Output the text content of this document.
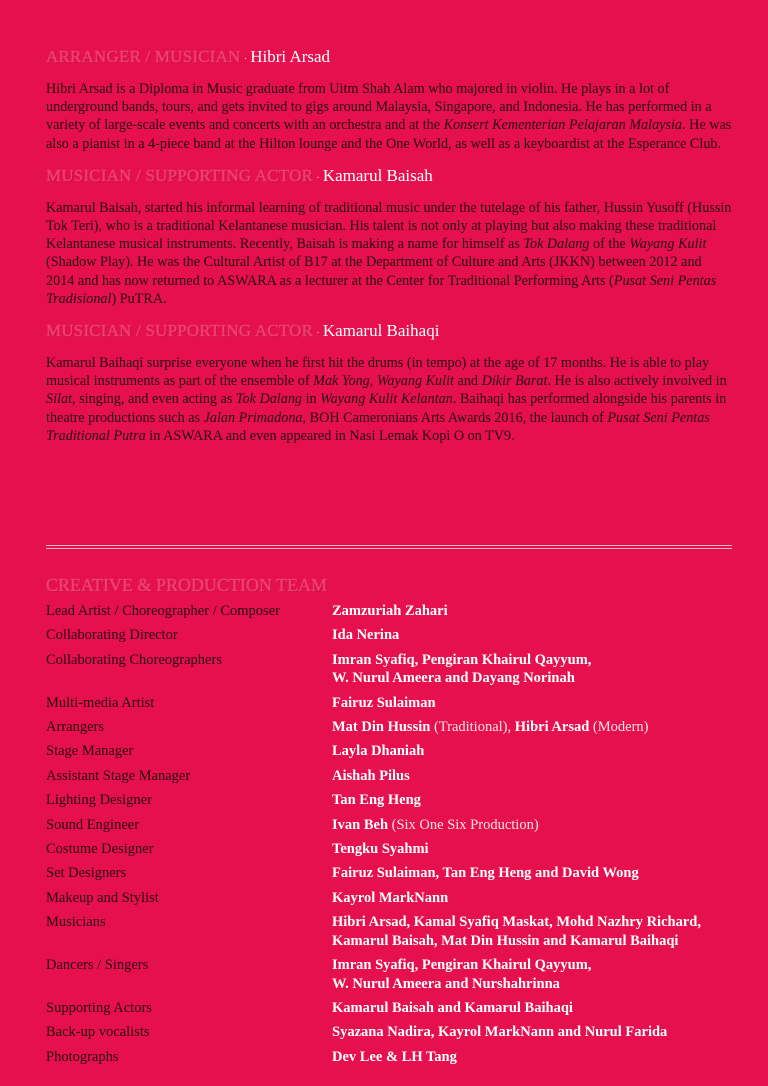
ARRANGER / MUSICIAN · Hibri Arsad

Hibri Arsad is a Diploma in Music graduate from Uitm Shah Alam who majored in violin. He plays in a lot of underground bands, tours, and gets invited to gigs around Malaysia, Singapore, and Indonesia. He has performed in a variety of large-scale events and concerts with an orchestra and at the Konsert Kementerian Pelajaran Malaysia. He was also a pianist in a 4-piece band at the Hilton lounge and the One World, as well as a keyboardist at the Esperance Club.

MUSICIAN / SUPPORTING ACTOR · Kamarul Baisah

Kamarul Baisah, started his informal learning of traditional music under the tutelage of his father, Hussin Yusoff (Hussin Tok Teri), who is a traditional Kelantanese musician. His talent is not only at playing but also making these traditional Kelantanese musical instruments. Recently, Baisah is making a name for himself as Tok Dalang of the Wayang Kulit (Shadow Play). He was the Cultural Artist of B17 at the Department of Culture and Arts (JKKN) between 2012 and 2014 and has now returned to ASWARA as a lecturer at the Center for Traditional Performing Arts (Pusat Seni Pentas Tradisional) PuTRA.

MUSICIAN / SUPPORTING ACTOR · Kamarul Baihaqi

Kamarul Baihaqi surprise everyone when he first hit the drums (in tempo) at the age of 17 months. He is able to play musical instruments as part of the ensemble of Mak Yong, Wayang Kulit and Dikir Barat. He is also actively involved in Silat, singing, and even acting as Tok Dalang in Wayang Kulit Kelantan. Baihaqi has performed alongside his parents in theatre productions such as Jalan Primadona, BOH Cameronians Arts Awards 2016, the launch of Pusat Seni Pentas Traditional Putra in ASWARA and even appeared in Nasi Lemak Kopi O on TV9.

CREATIVE & PRODUCTION TEAM

Lead Artist / Choreographer / Composer	Zamzuriah Zahari
Collaborating Director	Ida Nerina
Collaborating Choreographers	Imran Syafiq, Pengiran Khairul Qayyum,
W. Nurul Ameera and Dayang Norinah
Multi-media Artist	Fairuz Sulaiman
Arrangers	Mat Din Hussin (Traditional), Hibri Arsad (Modern)
Stage Manager	Layla Dhaniah
Assistant Stage Manager	Aishah Pilus
Lighting Designer	Tan Eng Heng
Sound Engineer	Ivan Beh (Six One Six Production)
Costume Designer	Tengku Syahmi
Set Designers	Fairuz Sulaiman, Tan Eng Heng and David Wong
Makeup and Stylist	Kayrol MarkNann
Musicians	Hibri Arsad, Kamal Syafiq Maskat, Mohd Nazhry Richard,
Kamarul Baisah, Mat Din Hussin and Kamarul Baihaqi
Dancers / Singers	Imran Syafiq, Pengiran Khairul Qayyum,
W. Nurul Ameera and Nurshahrinna
Supporting Actors	Kamarul Baisah and Kamarul Baihaqi
Back-up vocalists	Syazana Nadira, Kayrol MarkNann and Nurul Farida
Photographs	Dev Lee & LH Tang
